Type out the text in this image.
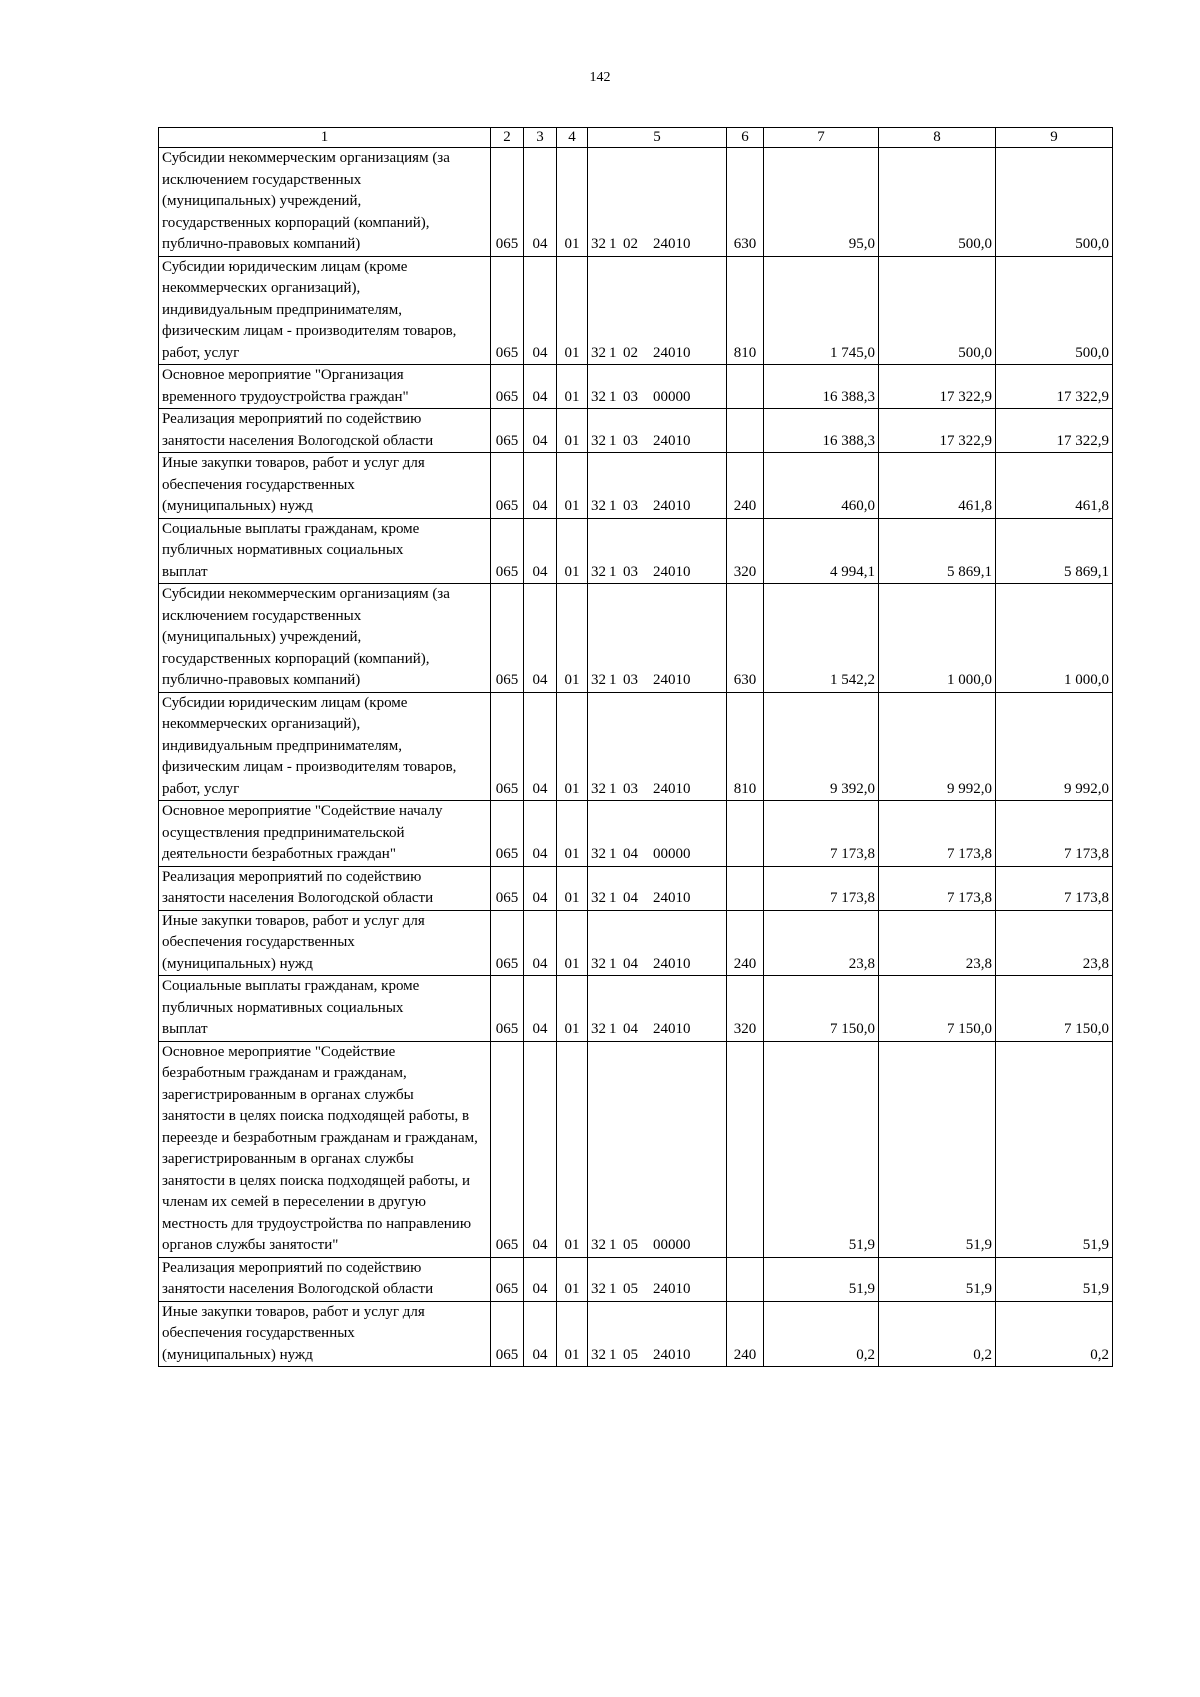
142
1	2	3	4	5	6	7	8	9

Субсидии некоммерческим организациям (за исключением государственных (муниципальных) учреждений, государственных корпораций (компаний), публично-правовых компаний)	065	04	01	32 1 02 24010	630	95,0	500,0	500,0

Субсидии юридическим лицам (кроме некоммерческих организаций), индивидуальным предпринимателям, физическим лицам - производителям товаров, работ, услуг	065	04	01	32 1 02 24010	810	1 745,0	500,0	500,0

Основное мероприятие "Организация временного трудоустройства граждан"	065	04	01	32 1 03 00000		16 388,3	17 322,9	17 322,9

Реализация мероприятий по содействию занятости населения Вологодской области	065	04	01	32 1 03 24010		16 388,3	17 322,9	17 322,9

Иные закупки товаров, работ и услуг для обеспечения государственных (муниципальных) нужд	065	04	01	32 1 03 24010	240	460,0	461,8	461,8

Социальные выплаты гражданам, кроме публичных нормативных социальных выплат	065	04	01	32 1 03 24010	320	4 994,1	5 869,1	5 869,1

Субсидии некоммерческим организациям (за исключением государственных (муниципальных) учреждений, государственных корпораций (компаний), публично-правовых компаний)	065	04	01	32 1 03 24010	630	1 542,2	1 000,0	1 000,0

Субсидии юридическим лицам (кроме некоммерческих организаций), индивидуальным предпринимателям, физическим лицам - производителям товаров, работ, услуг	065	04	01	32 1 03 24010	810	9 392,0	9 992,0	9 992,0

Основное мероприятие "Содействие началу осуществления предпринимательской деятельности безработных граждан"	065	04	01	32 1 04 00000		7 173,8	7 173,8	7 173,8

Реализация мероприятий по содействию занятости населения Вологодской области	065	04	01	32 1 04 24010		7 173,8	7 173,8	7 173,8

Иные закупки товаров, работ и услуг для обеспечения государственных (муниципальных) нужд	065	04	01	32 1 04 24010	240	23,8	23,8	23,8

Социальные выплаты гражданам, кроме публичных нормативных социальных выплат	065	04	01	32 1 04 24010	320	7 150,0	7 150,0	7 150,0

Основное мероприятие "Содействие безработным гражданам и гражданам, зарегистрированным в органах службы занятости в целях поиска подходящей работы, в переезде и безработным гражданам и гражданам, зарегистрированным в органах службы занятости в целях поиска подходящей работы, и членам их семей в переселении в другую местность для трудоустройства по направлению органов службы занятости"	065	04	01	32 1 05 00000		51,9	51,9	51,9

Реализация мероприятий по содействию занятости населения Вологодской области	065	04	01	32 1 05 24010		51,9	51,9	51,9

Иные закупки товаров, работ и услуг для обеспечения государственных (муниципальных) нужд	065	04	01	32 1 05 24010	240	0,2	0,2	0,2
